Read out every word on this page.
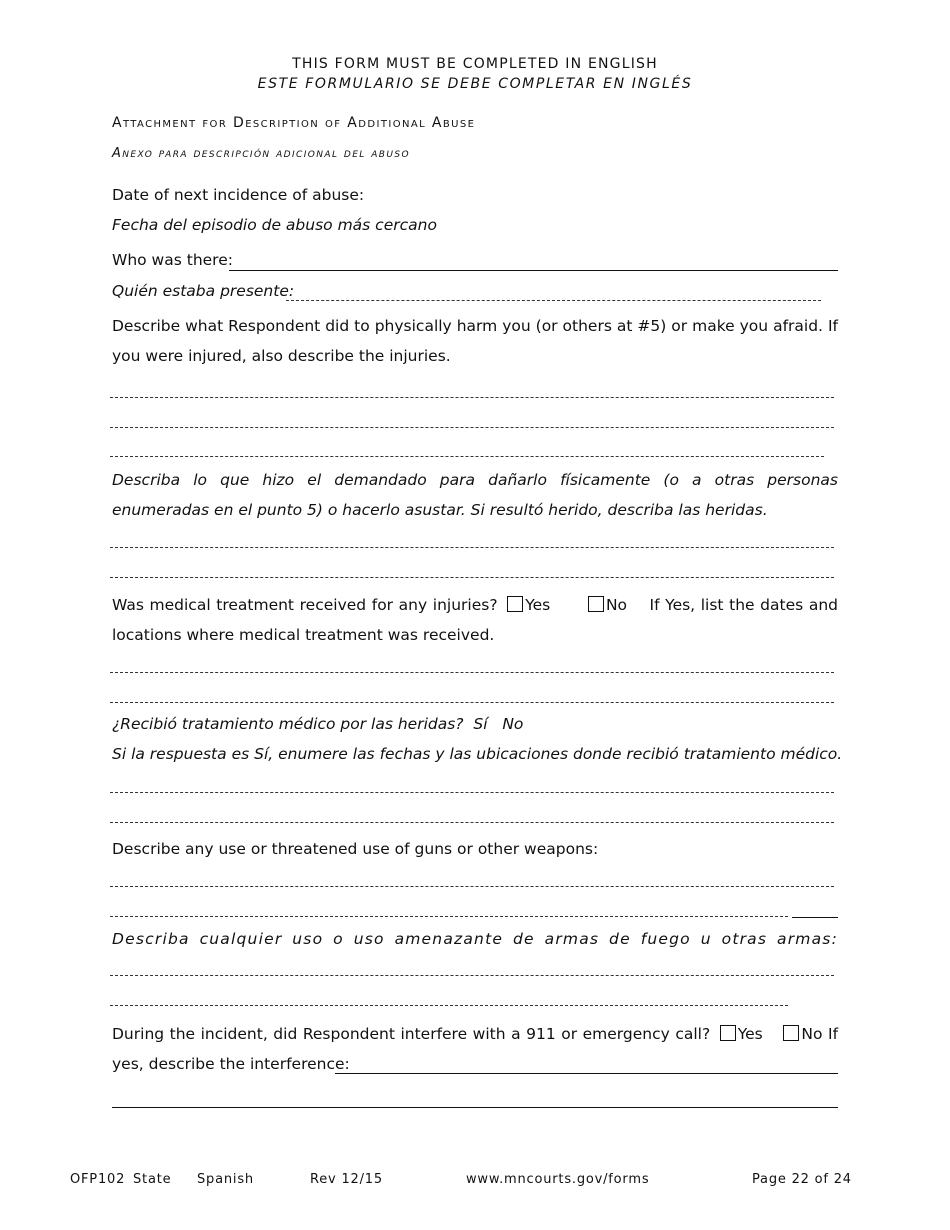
THIS FORM MUST BE COMPLETED IN ENGLISH
ESTE FORMULARIO SE DEBE COMPLETAR EN INGLÉS
Attachment for Description of Additional Abuse
Anexo para descripción adicional del abuso
Date of next incidence of abuse:
Fecha del episodio de abuso más cercano
Who was there:
Quién estaba presente:
Describe what Respondent did to physically harm you (or others at #5) or make you afraid. If you were injured, also describe the injuries.
Describa lo que hizo el demandado para dañarlo físicamente (o a otras personas enumeradas en el punto 5) o hacerlo asustar. Si resultó herido, describa las heridas.
Was medical treatment received for any injuries? Yes	No If Yes, list the dates and locations where medical treatment was received.
¿Recibió tratamiento médico por las heridas? Sí No
Si la respuesta es Sí, enumere las fechas y las ubicaciones donde recibió tratamiento médico.
Describe any use or threatened use of guns or other weapons:
Describa cualquier uso o uso amenazante de armas de fuego u otras armas:
During the incident, did Respondent interfere with a 911 or emergency call? Yes No If yes, describe the interference:
OFP102 State Spanish	Rev 12/15	www.mncourts.gov/forms	Page 22 of 24
